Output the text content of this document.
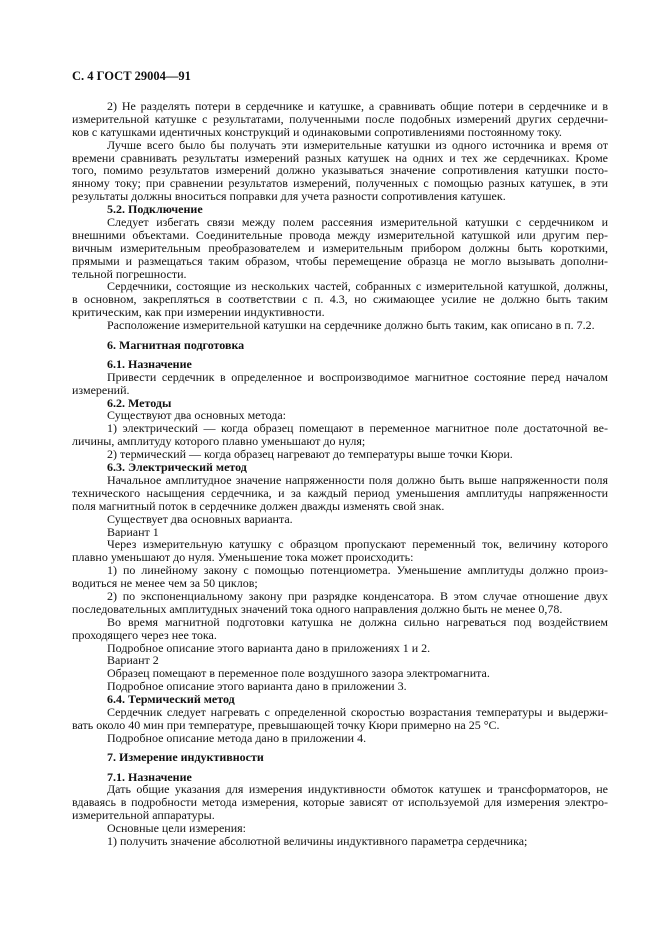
С. 4 ГОСТ 29004—91
2) Не разделять потери в сердечнике и катушке, а сравнивать общие потери в сердечнике и в
измерительной катушке с результатами, полученными после подобных измерений других сердечни-
ков с катушками идентичных конструкций и одинаковыми сопротивлениями постоянному току.
Лучше всего было бы получать эти измерительные катушки из одного источника и время от
времени сравнивать результаты измерений разных катушек на одних и тех же сердечниках. Кроме
того, помимо результатов измерений должно указываться значение сопротивления катушки посто-
янному току; при сравнении результатов измерений, полученных с помощью разных катушек, в эти
результаты должны вноситься поправки для учета разности сопротивления катушек.
5.2. Подключение
Следует избегать связи между полем рассеяния измерительной катушки с сердечником и
внешними объектами. Соединительные провода между измерительной катушкой или другим пер-
вичным измерительным преобразователем и измерительным прибором должны быть короткими,
прямыми и размещаться таким образом, чтобы перемещение образца не могло вызывать дополни-
тельной погрешности.
Сердечники, состоящие из нескольких частей, собранных с измерительной катушкой, должны,
в основном, закрепляться в соответствии с п. 4.3, но сжимающее усилие не должно быть таким
критическим, как при измерении индуктивности.
Расположение измерительной катушки на сердечнике должно быть таким, как описано в п. 7.2.
6. Магнитная подготовка
6.1. Назначение
Привести сердечник в определенное и воспроизводимое магнитное состояние перед началом
измерений.
6.2. Методы
Существуют два основных метода:
1) электрический — когда образец помещают в переменное магнитное поле достаточной ве-
личины, амплитуду которого плавно уменьшают до нуля;
2) термический — когда образец нагревают до температуры выше точки Кюри.
6.3. Электрический метод
Начальное амплитудное значение напряженности поля должно быть выше напряженности поля
технического насыщения сердечника, и за каждый период уменьшения амплитуды напряженности
поля магнитный поток в сердечнике должен дважды изменять свой знак.
Существует два основных варианта.
Вариант 1
Через измерительную катушку с образцом пропускают переменный ток, величину которого
плавно уменьшают до нуля. Уменьшение тока может происходить:
1) по линейному закону с помощью потенциометра. Уменьшение амплитуды должно произ-
водиться не менее чем за 50 циклов;
2) по экспоненциальному закону при разрядке конденсатора. В этом случае отношение двух
последовательных амплитудных значений тока одного направления должно быть не менее 0,78.
Во время магнитной подготовки катушка не должна сильно нагреваться под воздействием
проходящего через нее тока.
Подробное описание этого варианта дано в приложениях 1 и 2.
Вариант 2
Образец помещают в переменное поле воздушного зазора электромагнита.
Подробное описание этого варианта дано в приложении 3.
6.4. Термический метод
Сердечник следует нагревать с определенной скоростью возрастания температуры и выдержи-
вать около 40 мин при температуре, превышающей точку Кюри примерно на 25 °С.
Подробное описание метода дано в приложении 4.
7. Измерение индуктивности
7.1. Назначение
Дать общие указания для измерения индуктивности обмоток катушек и трансформаторов, не
вдаваясь в подробности метода измерения, которые зависят от используемой для измерения электро-
измерительной аппаратуры.
Основные цели измерения:
1) получить значение абсолютной величины индуктивного параметра сердечника;
